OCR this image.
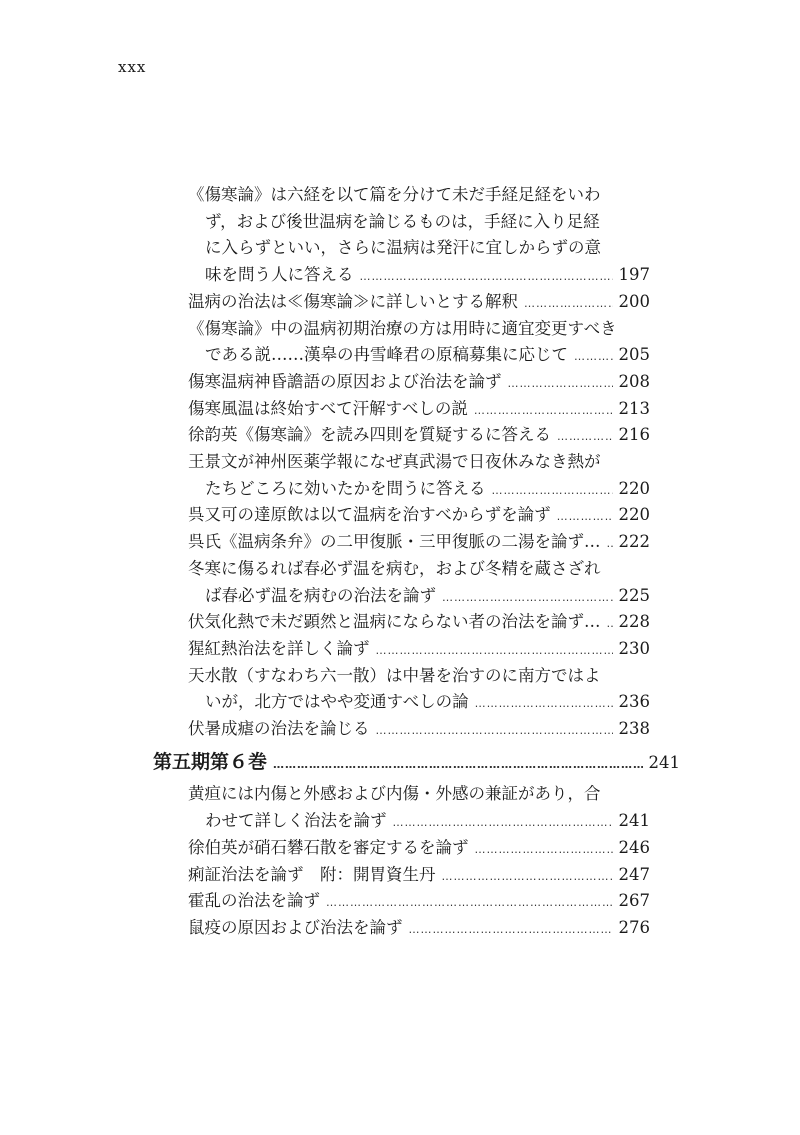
xxx
《傷寒論》は六経を以て篇を分けて未だ手経足経をいわ
ず，および後世温病を論じるものは，手経に入り足経
に入らずといい，さらに温病は発汗に宜しからずの意
味を問う人に答える ……………………………………………………………………………………………………………………………………………………………………	197
温病の治法は≪傷寒論≫に詳しいとする解釈 ……………………………………………………………………………………………………………………………………………………………………	200
《傷寒論》中の温病初期治療の方は用時に適宜変更すべき
である説……漢皋の冉雪峰君の原稿募集に応じて ……………………………………………………………………………………………………………………………………………………………………	205
傷寒温病神昏譫語の原因および治法を論ず ……………………………………………………………………………………………………………………………………………………………………	208
傷寒風温は終始すべて汗解すべしの説 ……………………………………………………………………………………………………………………………………………………………………	213
徐韵英《傷寒論》を読み四則を質疑するに答える ……………………………………………………………………………………………………………………………………………………………………	216
王景文が神州医薬学報になぜ真武湯で日夜休みなき熱が
たちどころに効いたかを問うに答える ……………………………………………………………………………………………………………………………………………………………………	220
呉又可の達原飲は以て温病を治すべからずを論ず ……………………………………………………………………………………………………………………………………………………………………	220
呉氏《温病条弁》の二甲復脈・三甲復脈の二湯を論ず… …………………………………………………………………………………………………………………………………………………………………… 222
冬寒に傷るれば春必ず温を病む，および冬精を蔵さざれ
ば春必ず温を病むの治法を論ず ……………………………………………………………………………………………………………………………………………………………………	225
伏気化熱で未だ顕然と温病にならない者の治法を論ず… …………………………………………………………………………………………………………………………………………………………………… 228
猩紅熱治法を詳しく論ず ……………………………………………………………………………………………………………………………………………………………………	230
天水散（すなわち六一散）は中暑を治すのに南方ではよ
いが，北方ではやや変通すべしの論 ……………………………………………………………………………………………………………………………………………………………………	236
伏暑成瘧の治法を論じる ……………………………………………………………………………………………………………………………………………………………………	238
第五期第６巻 ……………………………………………………………………………………………………………………………………………………………………	241
黄疸には内傷と外感および内傷・外感の兼証があり，合
わせて詳しく治法を論ず ……………………………………………………………………………………………………………………………………………………………………	241
徐伯英が硝石礬石散を審定するを論ず ……………………………………………………………………………………………………………………………………………………………………	246
痢証治法を論ず　附：開胃資生丹 ……………………………………………………………………………………………………………………………………………………………………	247
霍乱の治法を論ず ……………………………………………………………………………………………………………………………………………………………………	267
鼠疫の原因および治法を論ず ……………………………………………………………………………………………………………………………………………………………………	276
